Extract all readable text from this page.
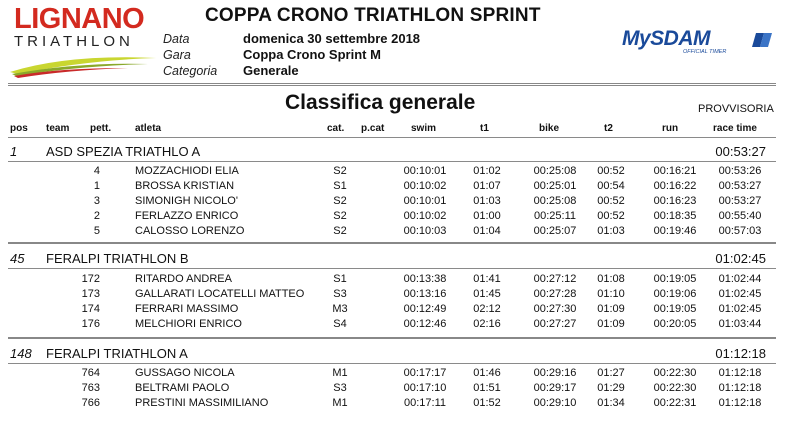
LIGNANO
TRIATHLON
COPPA CRONO TRIATHLON SPRINT
Data	domenica 30 settembre 2018
Gara	Coppa Crono Sprint M
Categoria Generale
MySDAM
OFFICIAL TIMER
Classifica generale	PROVVISORIA
pos team pett. atleta	cat. p.cat	swim	t1	bike	t2	run	race time
1 ASD SPEZIA TRIATHLO A	00:53:27
4	MOZZACHIODI ELIA	S2	00:10:01	01:02	00:25:08	00:52	00:16:21	00:53:26
1	BROSSA KRISTIAN	S1	00:10:02	01:07	00:25:01	00:54	00:16:22	00:53:27
3	SIMONIGH NICOLO'	S2	00:10:01	01:03	00:25:08	00:52	00:16:23	00:53:27
2	FERLAZZO ENRICO	S2	00:10:02	01:00	00:25:11	00:52	00:18:35	00:55:40
5	CALOSSO LORENZO	S2	00:10:03	01:04	00:25:07	01:03	00:19:46	00:57:03
45 FERALPI TRIATHLON B	01:02:45
172	RITARDO ANDREA	S1	00:13:38	01:41	00:27:12	01:08	00:19:05	01:02:44
173	GALLARATI LOCATELLI MATTEO	S3	00:13:16	01:45	00:27:28	01:10	00:19:06	01:02:45
174	FERRARI MASSIMO	M3	00:12:49	02:12	00:27:30	01:09	00:19:05	01:02:45
176	MELCHIORI ENRICO	S4	00:12:46	02:16	00:27:27	01:09	00:20:05	01:03:44
148 FERALPI TRIATHLON A	01:12:18
764	GUSSAGO NICOLA	M1	00:17:17	01:46	00:29:16	01:27	00:22:30	01:12:18
763	BELTRAMI PAOLO	S3	00:17:10	01:51	00:29:17	01:29	00:22:30	01:12:18
766	PRESTINI MASSIMILIANO	M1	00:17:11	01:52	00:29:10	01:34	00:22:31	01:12:18
